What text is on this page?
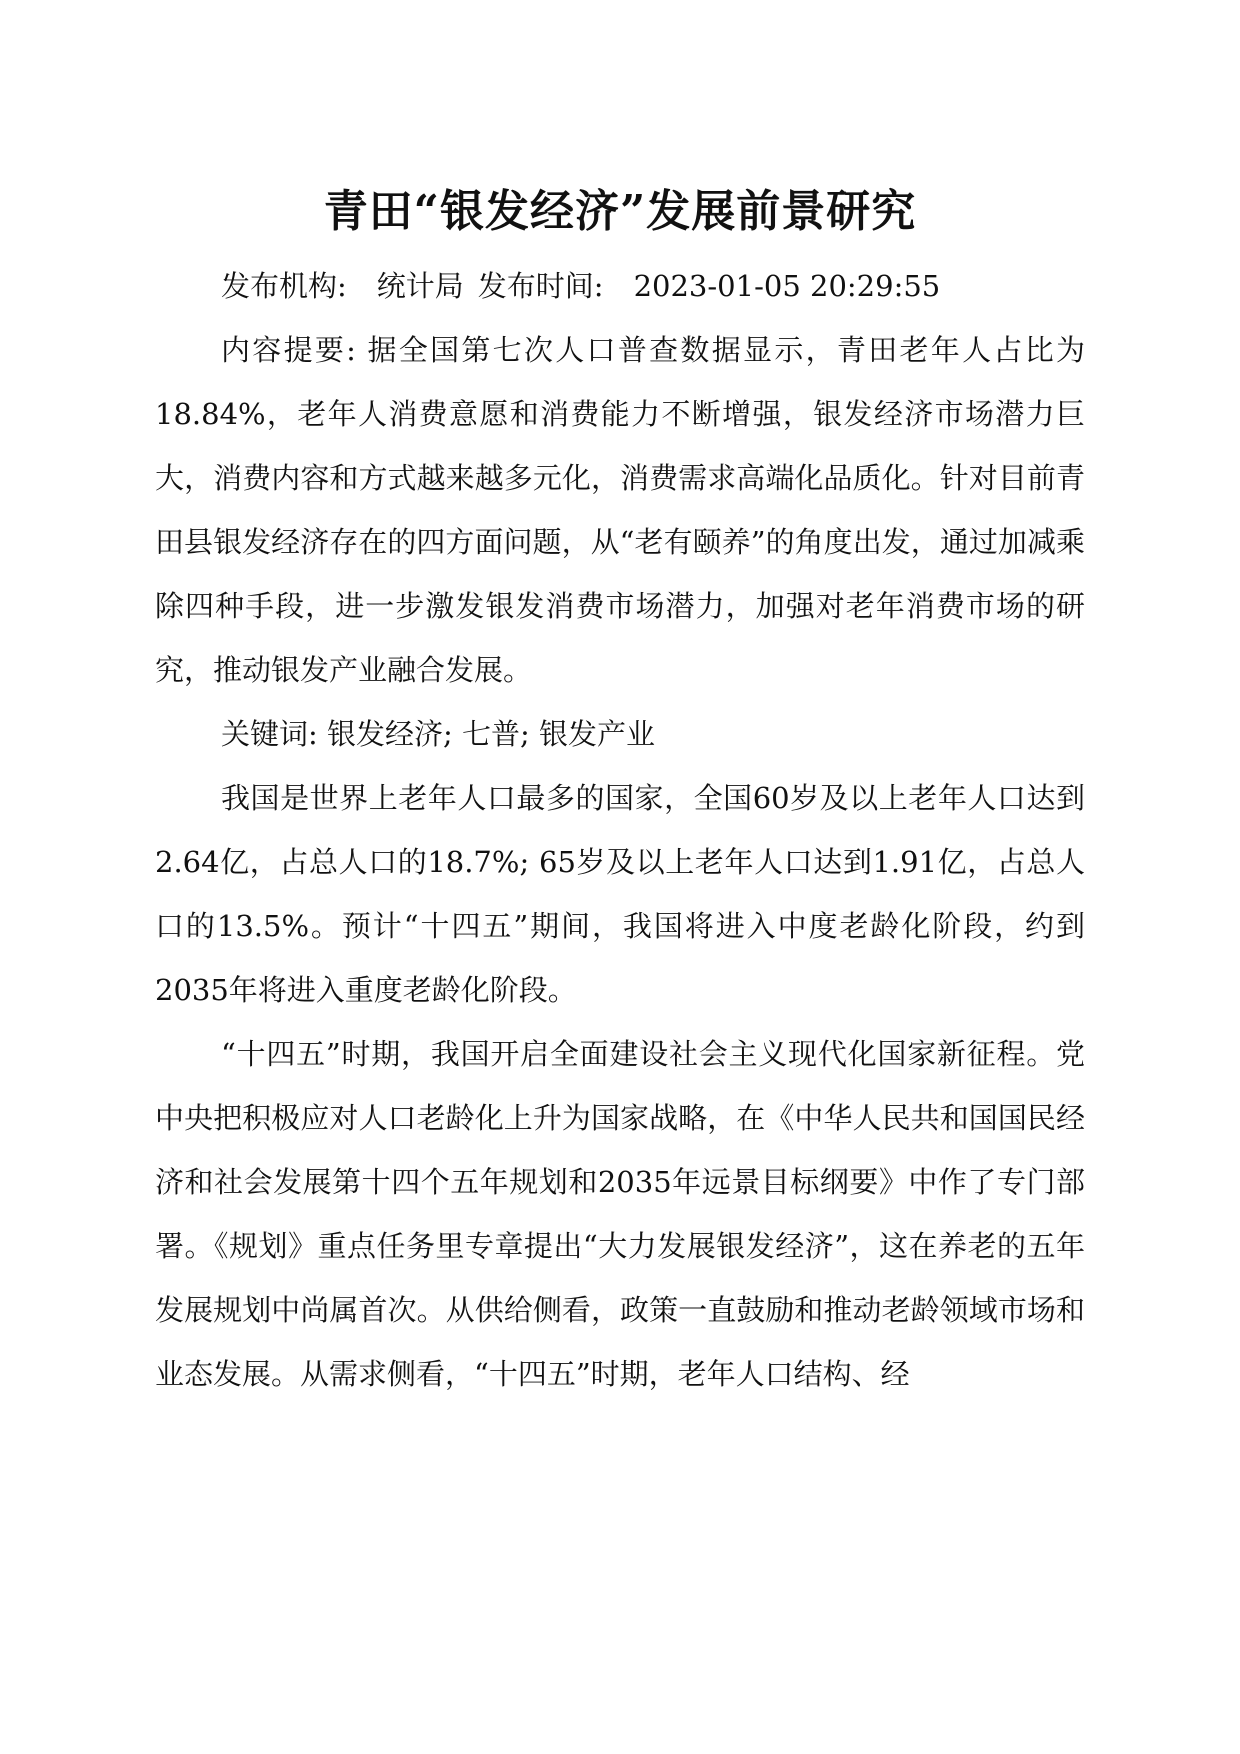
青田“银发经济”发展前景研究

发布机构: 统计局 发布时间: 2023-01-05 20:29:55

内容提要: 据全国第七次人口普查数据显示，青田老年人占比为18.84%，老年人消费意愿和消费能力不断增强，银发经济市场潜力巨大，消费内容和方式越来越多元化，消费需求高端化品质化。针对目前青田县银发经济存在的四方面问题，从“老有颐养”的角度出发，通过加减乘除四种手段，进一步激发银发消费市场潜力，加强对老年消费市场的研究，推动银发产业融合发展。

关键词: 银发经济; 七普; 银发产业

我国是世界上老年人口最多的国家，全国60岁及以上老年人口达到2.64亿，占总人口的18.7%; 65岁及以上老年人口达到1.91亿，占总人口的13.5%。预计“十四五”期间，我国将进入中度老龄化阶段，约到2035年将进入重度老龄化阶段。

“十四五”时期，我国开启全面建设社会主义现代化国家新征程。党中央把积极应对人口老龄化上升为国家战略，在《中华人民共和国国民经济和社会发展第十四个五年规划和2035年远景目标纲要》中作了专门部署。《规划》重点任务里专章提出“大力发展银发经济”，这在养老的五年发展规划中尚属首次。从供给侧看，政策一直鼓励和推动老龄领域市场和业态发展。从需求侧看，“十四五”时期，老年人口结构、经
